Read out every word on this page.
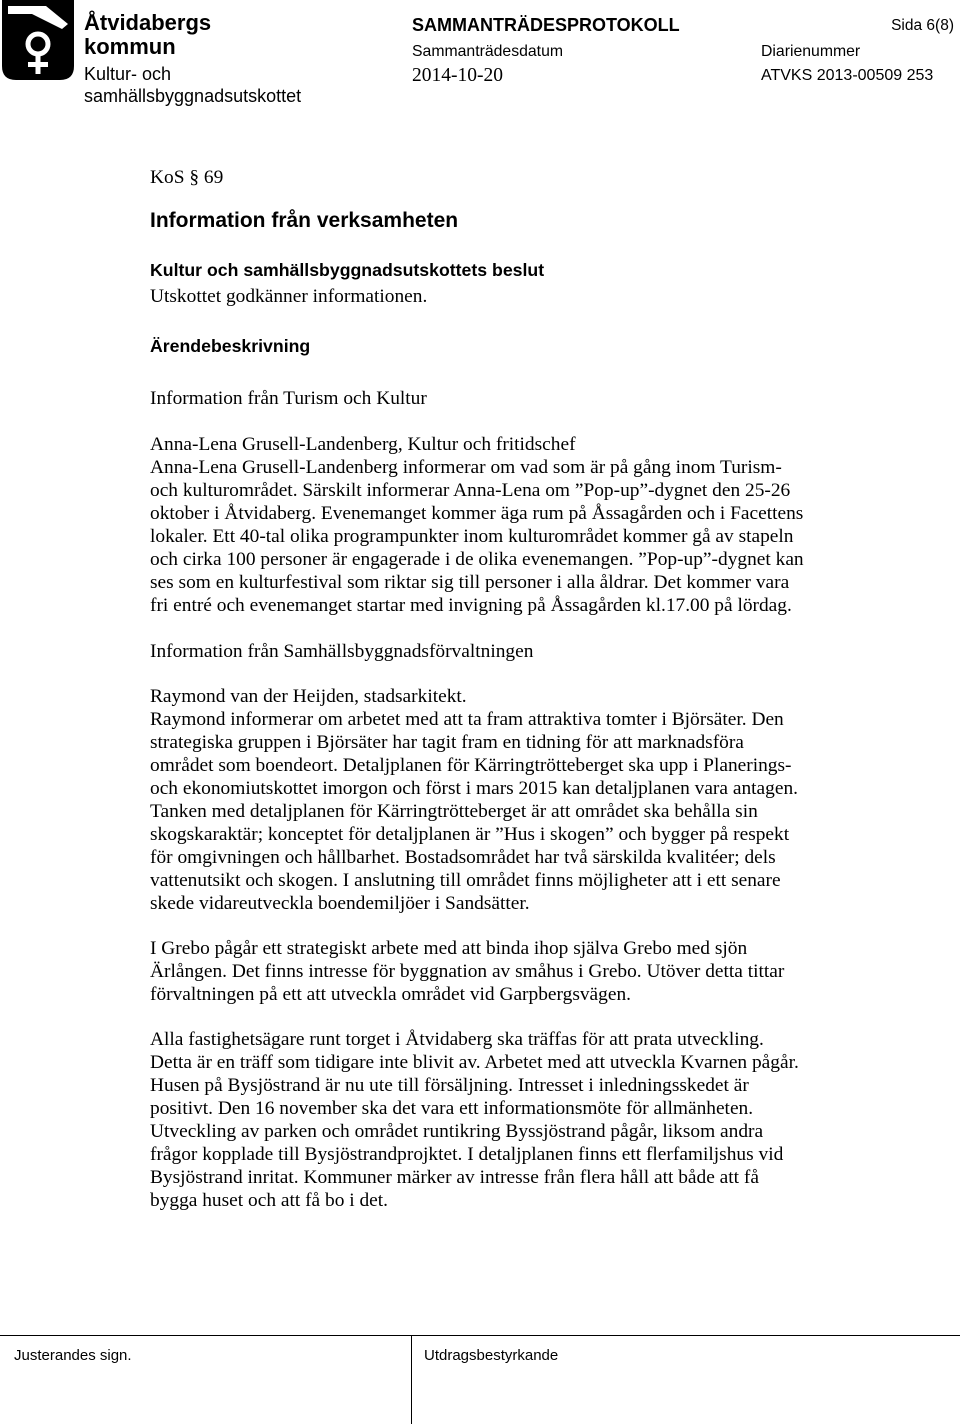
Åtvidabergs
kommun
Kultur- och
samhällsbyggnadsutskottet
SAMMANTRÄDESPROTOKOLL	Sida 6(8)
Sammanträdesdatum
2014-10-20
Diarienummer
ATVKS 2013-00509 253
KoS § 69
Information från verksamheten
Kultur och samhällsbyggnadsutskottets beslut
Utskottet godkänner informationen.
Ärendebeskrivning
Information från Turism och Kultur
Anna-Lena Grusell-Landenberg, Kultur och fritidschef
Anna-Lena Grusell-Landenberg informerar om vad som är på gång inom Turism-
och kulturområdet. Särskilt informerar Anna-Lena om ”Pop-up”-dygnet den 25-26
oktober i Åtvidaberg. Evenemanget kommer äga rum på Åssagården och i Facettens
lokaler. Ett 40-tal olika programpunkter inom kulturområdet kommer gå av stapeln
och cirka 100 personer är engagerade i de olika evenemangen. ”Pop-up”-dygnet kan
ses som en kulturfestival som riktar sig till personer i alla åldrar. Det kommer vara
fri entré och evenemanget startar med invigning på Åssagården kl.17.00 på lördag.
Information från Samhällsbyggnadsförvaltningen
Raymond van der Heijden, stadsarkitekt.
Raymond informerar om arbetet med att ta fram attraktiva tomter i Björsäter. Den
strategiska gruppen i Björsäter har tagit fram en tidning för att marknadsföra
området som boendeort. Detaljplanen för Kärringtrötteberget ska upp i Planerings-
och ekonomiutskottet imorgon och först i mars 2015 kan detaljplanen vara antagen.
Tanken med detaljplanen för Kärringtrötteberget är att området ska behålla sin
skogskaraktär; konceptet för detaljplanen är ”Hus i skogen” och bygger på respekt
för omgivningen och hållbarhet. Bostadsområdet har två särskilda kvalitéer; dels
vattenutsikt och skogen. I anslutning till området finns möjligheter att i ett senare
skede vidareutveckla boendemiljöer i Sandsätter.
I Grebo pågår ett strategiskt arbete med att binda ihop själva Grebo med sjön
Ärlången. Det finns intresse för byggnation av småhus i Grebo. Utöver detta tittar
förvaltningen på ett att utveckla området vid Garpbergsvägen.
Alla fastighetsägare runt torget i Åtvidaberg ska träffas för att prata utveckling.
Detta är en träff som tidigare inte blivit av. Arbetet med att utveckla Kvarnen pågår.
Husen på Bysjöstrand är nu ute till försäljning. Intresset i inledningsskedet är
positivt. Den 16 november ska det vara ett informationsmöte för allmänheten.
Utveckling av parken och området runtikring Byssjöstrand pågår, liksom andra
frågor kopplade till Bysjöstrandprojktet. I detaljplanen finns ett flerfamiljshus vid
Bysjöstrand inritat. Kommuner märker av intresse från flera håll att både att få
bygga huset och att få bo i det.
Justerandes sign.	Utdragsbestyrkande
